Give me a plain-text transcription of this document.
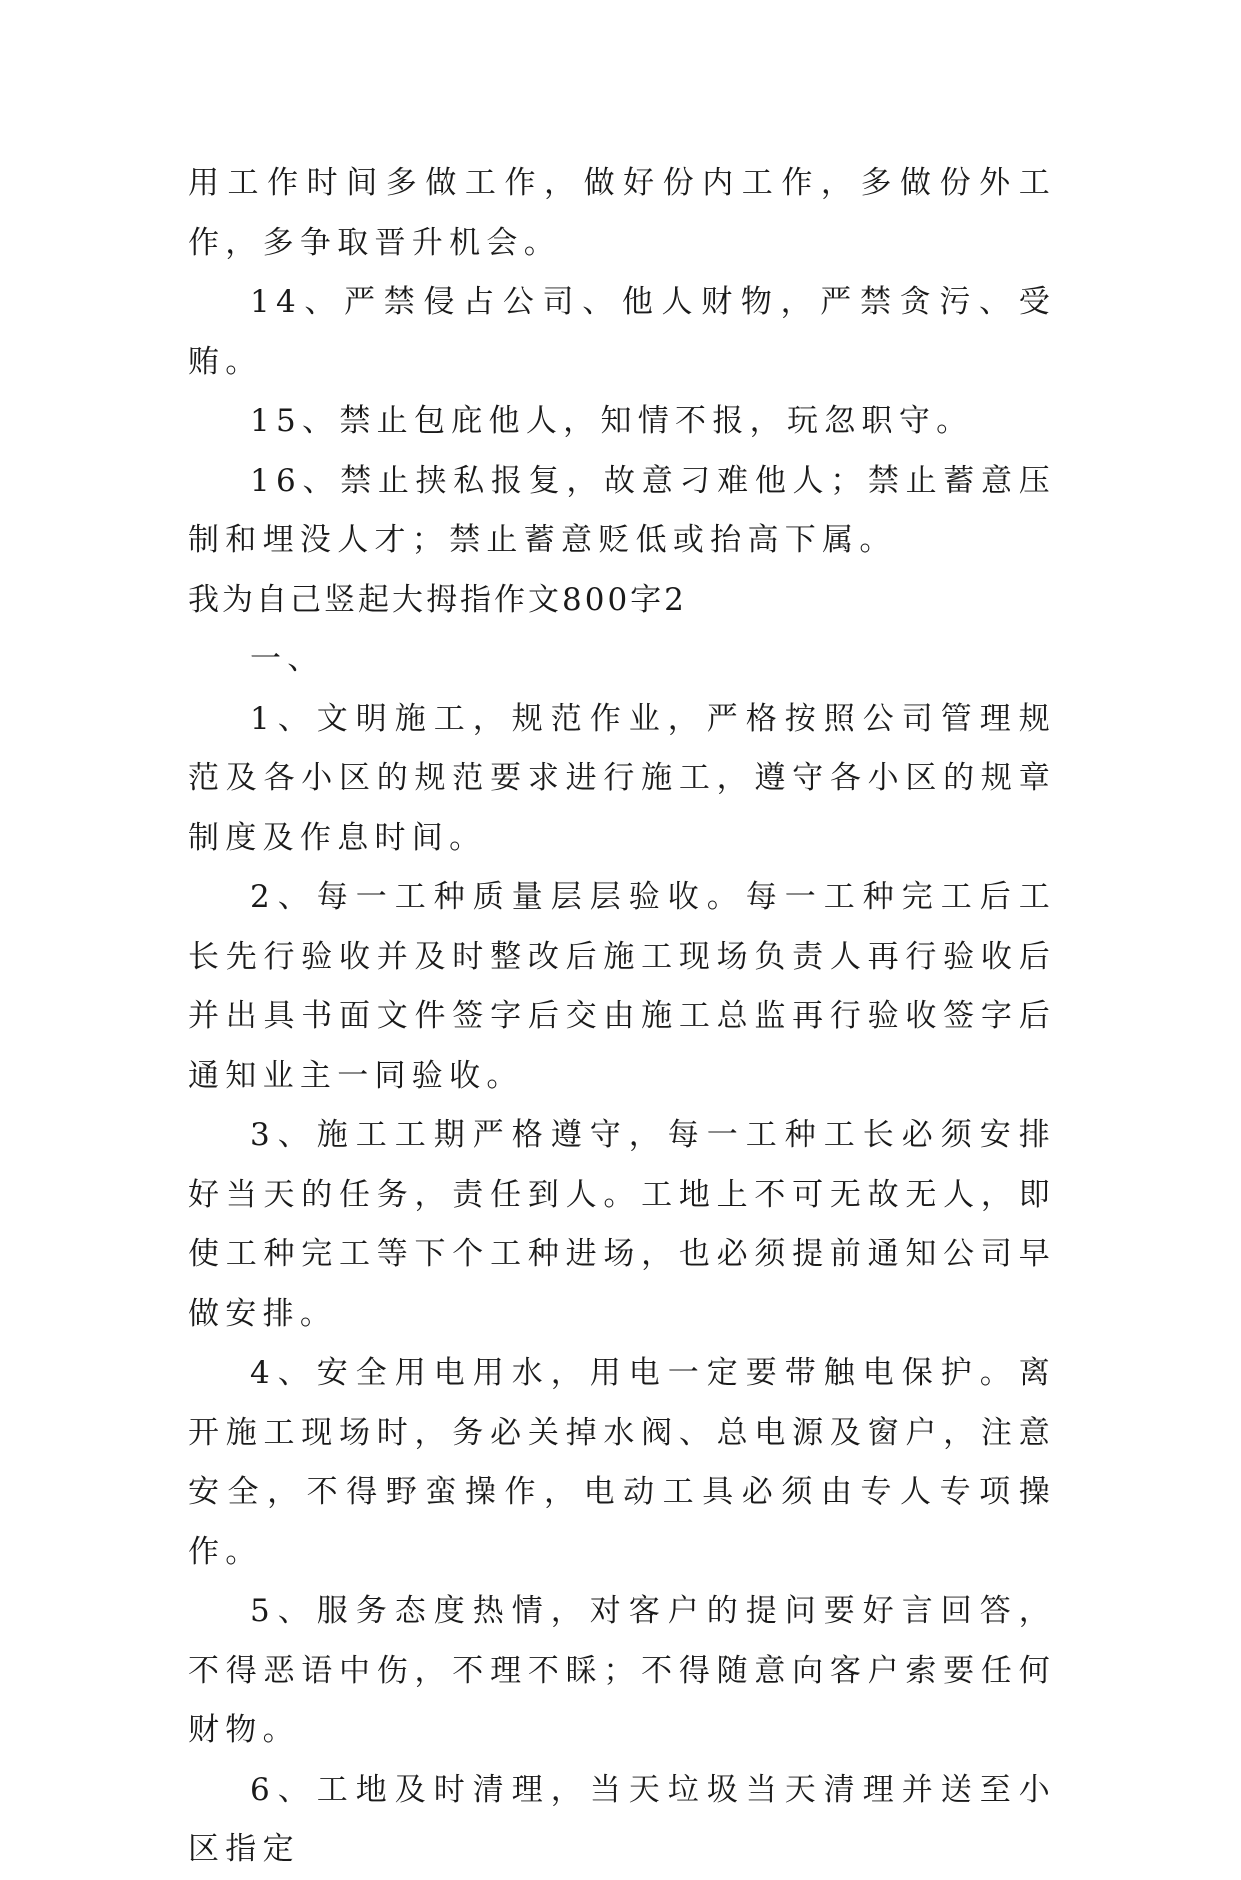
用工作时间多做工作，做好份内工作，多做份外工作，多争取晋升机会。

14、严禁侵占公司、他人财物，严禁贪污、受贿。

15、禁止包庇他人，知情不报，玩忽职守。

16、禁止挟私报复，故意刁难他人；禁止蓄意压制和埋没人才；禁止蓄意贬低或抬高下属。

我为自己竖起大拇指作文800字2

一、

1、文明施工，规范作业，严格按照公司管理规范及各小区的规范要求进行施工，遵守各小区的规章制度及作息时间。

2、每一工种质量层层验收。每一工种完工后工长先行验收并及时整改后施工现场负责人再行验收后并出具书面文件签字后交由施工总监再行验收签字后通知业主一同验收。

3、施工工期严格遵守，每一工种工长必须安排好当天的任务，责任到人。工地上不可无故无人，即使工种完工等下个工种进场，也必须提前通知公司早做安排。

4、安全用电用水，用电一定要带触电保护。离开施工现场时，务必关掉水阀、总电源及窗户，注意安全，不得野蛮操作，电动工具必须由专人专项操作。

5、服务态度热情，对客户的提问要好言回答，不得恶语中伤，不理不睬；不得随意向客户索要任何财物。

6、工地及时清理，当天垃圾当天清理并送至小区指定
